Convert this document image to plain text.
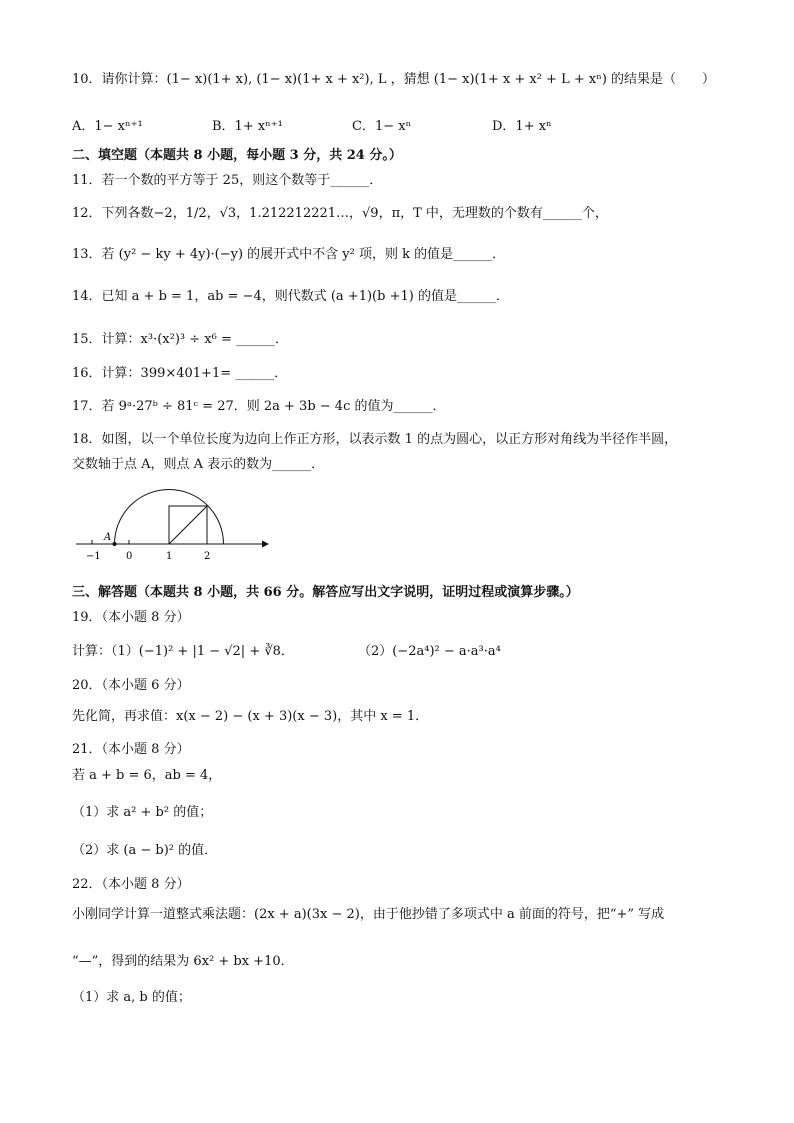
10．请你计算：(1− x)(1+ x), (1− x)(1+ x + x²), L ，猜想 (1− x)(1+ x + x² + L + xⁿ) 的结果是（　　）
A．1− xⁿ⁺¹	B．1+ xⁿ⁺¹	C．1− xⁿ	D．1+ xⁿ
二、填空题（本题共 8 小题，每小题 3 分，共 24 分。）
11．若一个数的平方等于 25，则这个数等于______．
12．下列各数−2，1/2，√3，1.212212221…，√9，π，T 中，无理数的个数有______个，
13．若 (y² − ky + 4y)·(−y) 的展开式中不含 y² 项，则 k 的值是______．
14．已知 a + b = 1，ab = −4，则代数式 (a +1)(b +1) 的值是______．
15．计算：x³·(x²)³ ÷ x⁶ = ______．
16．计算：399×401+1= ______．
17．若 9ᵃ·27ᵇ ÷ 81ᶜ = 27．则 2a + 3b − 4c 的值为______．
18．如图，以一个单位长度为边向上作正方形，以表示数 1 的点为圆心，以正方形对角线为半径作半圆，
交数轴于点 A，则点 A 表示的数为______．
A
−1	0	1	2
三、解答题（本题共 8 小题，共 66 分。解答应写出文字说明，证明过程或演算步骤。）
19．（本小题 8 分）
计算：（1）(−1)² + |1 − √2| + ∛8．	（2）(−2a⁴)² − a·a³·a⁴
20．（本小题 6 分）
先化简，再求值：x(x − 2) − (x + 3)(x − 3)，其中 x = 1．
21．（本小题 8 分）
若 a + b = 6，ab = 4，
（1）求 a² + b² 的值；
（2）求 (a − b)² 的值．
22．（本小题 8 分）
小刚同学计算一道整式乘法题：(2x + a)(3x − 2)，由于他抄错了多项式中 a 前面的符号，把“+” 写成
“—”，得到的结果为 6x² + bx +10．
（1）求 a, b 的值；
